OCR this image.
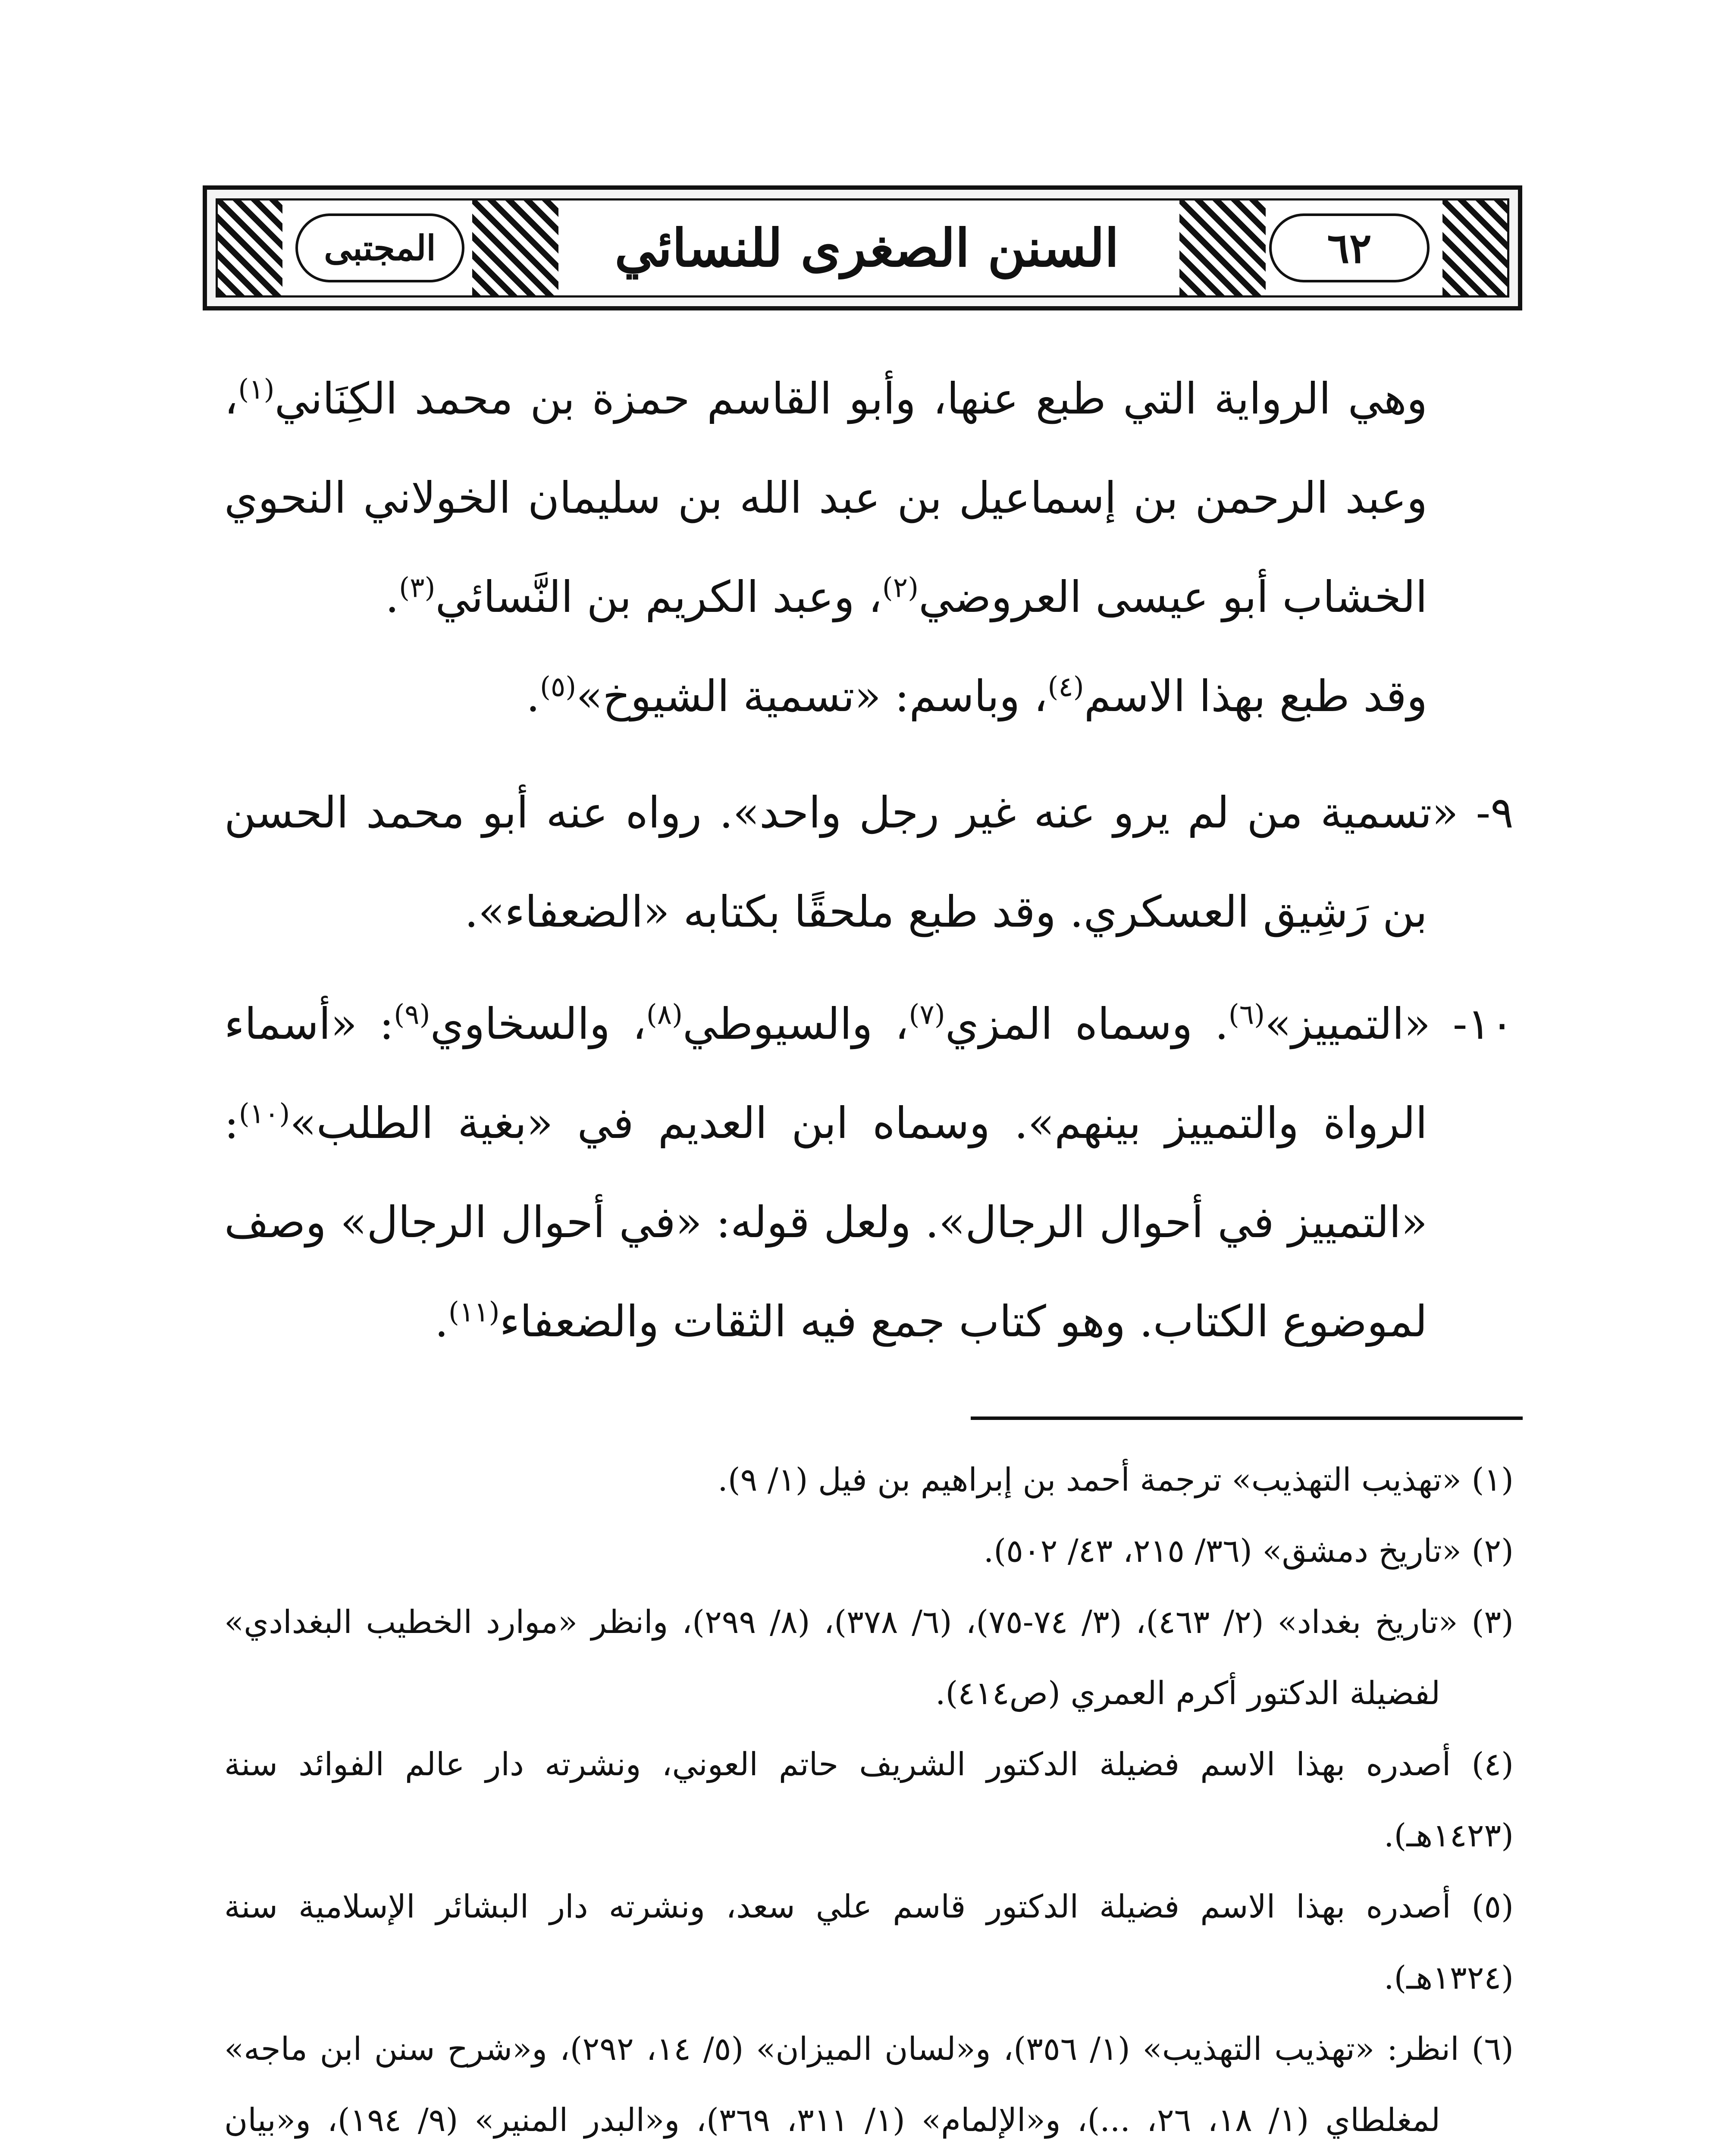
٦٢
السنن الصغرى للنسائي
المجتبى

وهي الرواية التي طبع عنها، وأبو القاسم حمزة بن محمد الكِنَاني$^{(١)}$، وعبد الرحمن بن إسماعيل بن عبد الله بن سليمان الخولاني النحوي الخشاب أبو عيسى العروضي$^{(٢)}$، وعبد الكريم بن النَّسائي$^{(٣)}$.

وقد طبع بهذا الاسم$^{(٤)}$، وباسم: «تسمية الشيوخ»$^{(٥)}$.

٩- «تسمية من لم يرو عنه غير رجل واحد». رواه عنه أبو محمد الحسن بن رَشِيق العسكري. وقد طبع ملحقًا بكتابه «الضعفاء».

١٠- «التمييز»$^{(٦)}$. وسماه المزي$^{(٧)}$، والسيوطي$^{(٨)}$، والسخاوي$^{(٩)}$: «أسماء الرواة والتمييز بينهم». وسماه ابن العديم في «بغية الطلب»$^{(١٠)}$: «التمييز في أحوال الرجال». ولعل قوله: «في أحوال الرجال» وصف لموضوع الكتاب. وهو كتاب جمع فيه الثقات والضعفاء$^{(١١)}$.

(١) «تهذيب التهذيب» ترجمة أحمد بن إبراهيم بن فيل (١/ ٩).

(٢) «تاريخ دمشق» (٣٦/ ٢١٥، ٤٣/ ٥٠٢).

(٣) «تاريخ بغداد» (٢/ ٤٦٣)، (٣/ ٧٤-٧٥)، (٦/ ٣٧٨)، (٨/ ٢٩٩)، وانظر «موارد الخطيب البغدادي» لفضيلة الدكتور أكرم العمري (ص٤١٤).

(٤) أصدره بهذا الاسم فضيلة الدكتور الشريف حاتم العوني، ونشرته دار عالم الفوائد سنة (١٤٢٣هـ).

(٥) أصدره بهذا الاسم فضيلة الدكتور قاسم علي سعد، ونشرته دار البشائر الإسلامية سنة (١٣٢٤هـ).

(٦) انظر: «تهذيب التهذيب» (١/ ٣٥٦)، و«لسان الميزان» (٥/ ١٤، ٢٩٢)، و«شرح سنن ابن ماجه» لمغلطاي (١/ ١٨، ٢٦، ...)، و«الإلمام» (١/ ٣١١، ٣٦٩)، و«البدر المنير» (٩/ ١٩٤)، و«بيان
